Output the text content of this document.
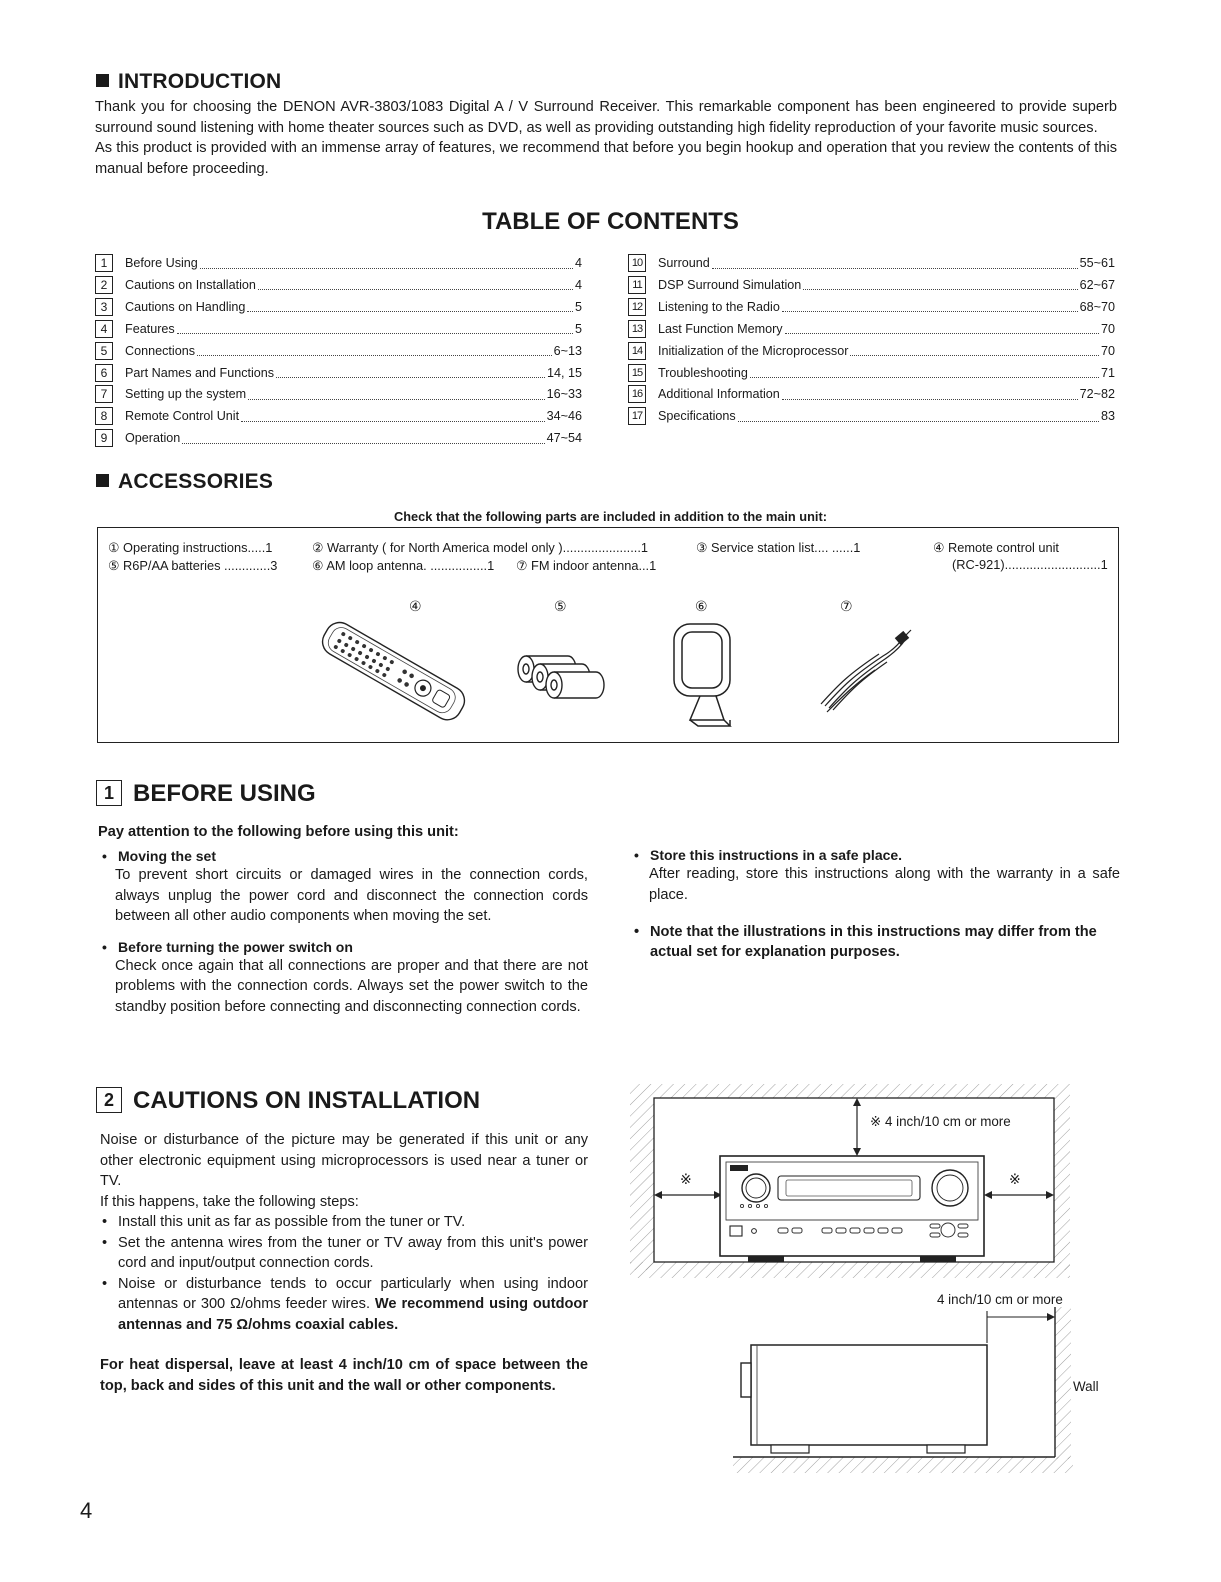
INTRODUCTION

Thank you for choosing the DENON AVR-3803/1083 Digital A / V Surround Receiver. This remarkable component has been engineered to provide superb surround sound listening with home theater sources such as DVD, as well as providing outstanding high fidelity reproduction of your favorite music sources.

As this product is provided with an immense array of features, we recommend that before you begin hookup and operation that you review the contents of this manual before proceeding.

TABLE OF CONTENTS
1	Before Using	4
2	Cautions on Installation	4
3	Cautions on Handling	5
4	Features	5
5	Connections	6~13
6	Part Names and Functions	14, 15
7	Setting up the system	16~33
8	Remote Control Unit	34~46
9	Operation	47~54
10	Surround	55~61
11	DSP Surround Simulation	62~67
12	Listening to the Radio	68~70
13	Last Function Memory	70
14	Initialization of the Microprocessor	70
15	Troubleshooting	71
16	Additional Information	72~82
17	Specifications	83
ACCESSORIES
Check that the following parts are included in addition to the main unit:
① Operating instructions.....1	② Warranty ( for North America model only )......................1	③ Service station list.... ......1	④ Remote control unit
(RC-921)...........................1
⑤ R6P/AA batteries .............3	⑥ AM loop antenna. ................1 ⑦ FM indoor antenna...1
④	⑤	⑥	⑦
1 BEFORE USING
Pay attention to the following before using this unit:
• Moving the set
To prevent short circuits or damaged wires in the connection cords, always unplug the power cord and disconnect the connection cords between all other audio components when moving the set.
• Before turning the power switch on
Check once again that all connections are proper and that there are not problems with the connection cords. Always set the power switch to the standby position before connecting and disconnecting connection cords.
• Store this instructions in a safe place.
After reading, store this instructions along with the warranty in a safe place.
• Note that the illustrations in this instructions may differ from the actual set for explanation purposes.
2 CAUTIONS ON INSTALLATION
Noise or disturbance of the picture may be generated if this unit or any other electronic equipment using microprocessors is used near a tuner or TV.
If this happens, take the following steps:
• Install this unit as far as possible from the tuner or TV.
• Set the antenna wires from the tuner or TV away from this unit's power cord and input/output connection cords.
• Noise or disturbance tends to occur particularly when using indoor antennas or 300 Ω/ohms feeder wires. We recommend using outdoor antennas and 75 Ω/ohms coaxial cables.
For heat dispersal, leave at least 4 inch/10 cm of space between the top, back and sides of this unit and the wall or other components.
※ 4 inch/10 cm or more
※	※
4 inch/10 cm or more
Wall
4
